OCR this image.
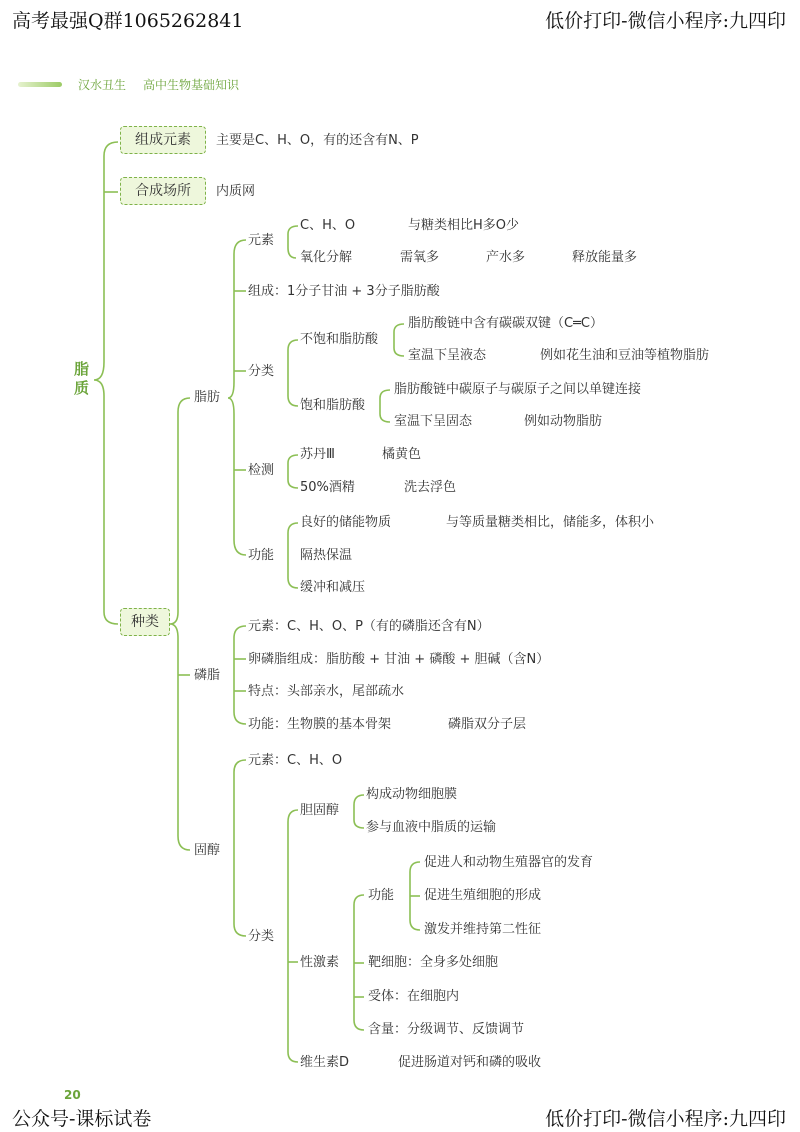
高考最强Q群1065262841	低价打印-微信小程序:九四印
汉水丑生 高中生物基础知识
脂质
组成元素	主要是C、H、O，有的还含有N、P
合成场所	内质网
种类
脂肪
元素
C、H、O	与糖类相比H多O少
氧化分解	需氧多	产水多	释放能量多
组成：1分子甘油 + 3分子脂肪酸
分类
不饱和脂肪酸
脂肪酸链中含有碳碳双键（C═C）
室温下呈液态	例如花生油和豆油等植物脂肪
饱和脂肪酸
脂肪酸链中碳原子与碳原子之间以单键连接
室温下呈固态	例如动物脂肪
检测
苏丹Ⅲ	橘黄色
50%酒精	洗去浮色
功能
良好的储能物质	与等质量糖类相比，储能多，体积小
隔热保温
缓冲和减压
磷脂
元素：C、H、O、P（有的磷脂还含有N）
卵磷脂组成：脂肪酸 + 甘油 + 磷酸 + 胆碱（含N）
特点：头部亲水，尾部疏水
功能：生物膜的基本骨架	磷脂双分子层
固醇
元素：C、H、O
分类
胆固醇
构成动物细胞膜
参与血液中脂质的运输
性激素
功能
促进人和动物生殖器官的发育
促进生殖细胞的形成
激发并维持第二性征
靶细胞：全身多处细胞
受体：在细胞内
含量：分级调节、反馈调节
维生素D	促进肠道对钙和磷的吸收
20
公众号-课标试卷	低价打印-微信小程序:九四印
